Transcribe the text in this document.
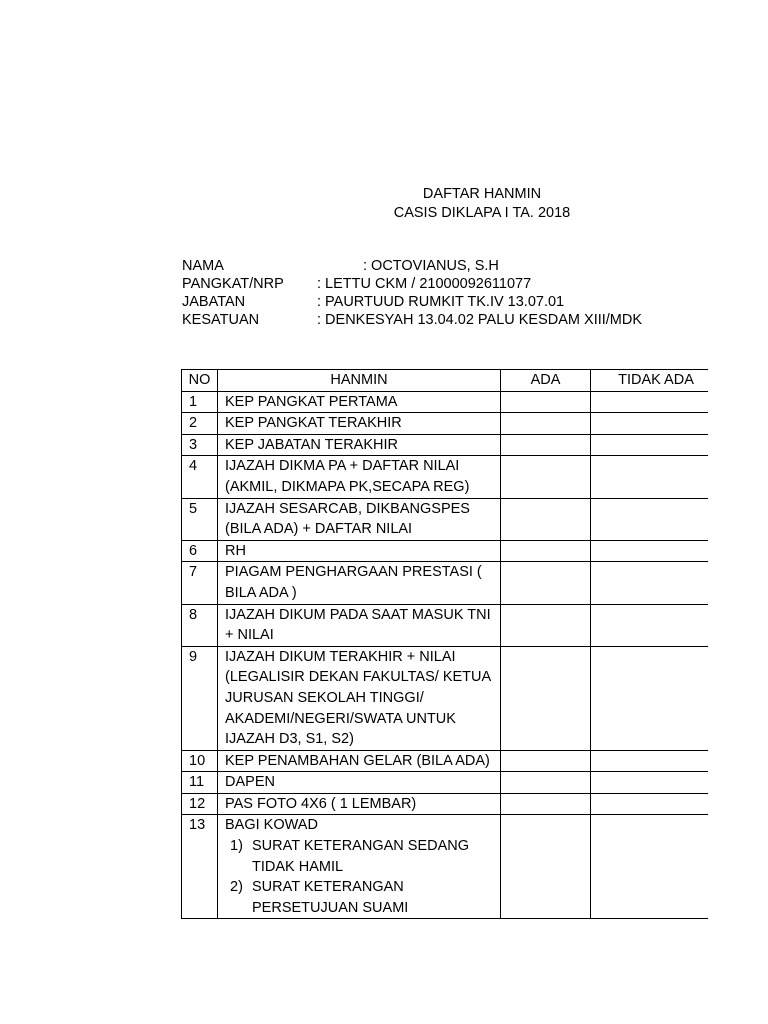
DAFTAR HANMIN
CASIS DIKLAPA I TA. 2018
NAMA	: OCTOVIANUS, S.H
PANGKAT/NRP : LETTU CKM / 21000092611077
JABATAN	: PAURTUUD RUMKIT TK.IV 13.07.01
KESATUAN	: DENKESYAH 13.04.02 PALU KESDAM XIII/MDK
NO	HANMIN	ADA	TIDAK ADA
1	KEP PANGKAT PERTAMA		
2	KEP PANGKAT TERAKHIR		
3	KEP JABATAN TERAKHIR		
4	IJAZAH DIKMA PA + DAFTAR NILAI (AKMIL, DIKMAPA PK,SECAPA REG)		
5	IJAZAH SESARCAB, DIKBANGSPES (BILA ADA) + DAFTAR NILAI		
6	RH		
7	PIAGAM PENGHARGAAN PRESTASI ( BILA ADA )		
8	IJAZAH DIKUM PADA SAAT MASUK TNI + NILAI		
9	IJAZAH DIKUM TERAKHIR + NILAI (LEGALISIR DEKAN FAKULTAS/ KETUA JURUSAN SEKOLAH TINGGI/ AKADEMI/NEGERI/SWATA UNTUK IJAZAH D3, S1, S2)		
10	KEP PENAMBAHAN GELAR (BILA ADA)		
11	DAPEN		
12	PAS FOTO 4X6 ( 1 LEMBAR)		
13	BAGI KOWAD
1) SURAT KETERANGAN SEDANG TIDAK HAMIL
2) SURAT KETERANGAN PERSETUJUAN SUAMI		
